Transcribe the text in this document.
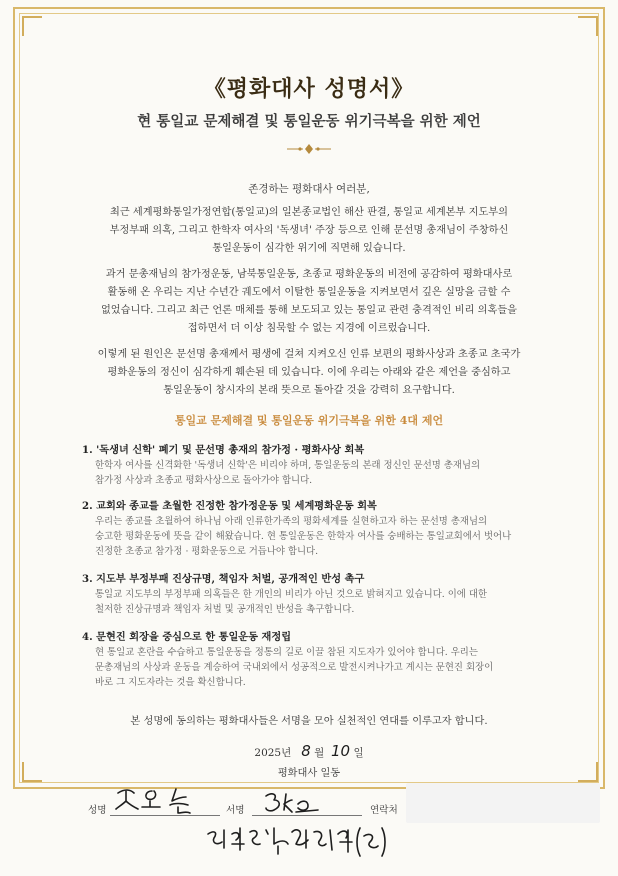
《평화대사 성명서》
현 통일교 문제해결 및 통일운동 위기극복을 위한 제언
존경하는 평화대사 여러분,
최근 세계평화통일가정연합(통일교)의 일본종교법인 해산 판결, 통일교 세계본부 지도부의
부정부패 의혹, 그리고 한학자 여사의 '독생녀' 주장 등으로 인해 문선명 총재님이 주창하신
통일운동이 심각한 위기에 직면해 있습니다.
과거 문총재님의 참가정운동, 남북통일운동, 초종교 평화운동의 비전에 공감하여 평화대사로
활동해 온 우리는 지난 수년간 궤도에서 이탈한 통일운동을 지켜보면서 깊은 실망을 금할 수
없었습니다. 그리고 최근 언론 매체를 통해 보도되고 있는 통일교 관련 충격적인 비리 의혹들을
접하면서 더 이상 침묵할 수 없는 지경에 이르렀습니다.
이렇게 된 원인은 문선명 총재께서 평생에 걸쳐 지켜오신 인류 보편의 평화사상과 초종교 초국가
평화운동의 정신이 심각하게 훼손된 데 있습니다. 이에 우리는 아래와 같은 제언을 중심하고
통일운동이 창시자의 본래 뜻으로 돌아갈 것을 강력히 요구합니다.
통일교 문제해결 및 통일운동 위기극복을 위한 4대 제언
1. '독생녀 신학' 폐기 및 문선명 총재의 참가정 · 평화사상 회복
한학자 여사를 신격화한 '독생녀 신학'은 비리야 하며, 통일운동의 본래 정신인 문선명 총재님의
참가정 사상과 초종교 평화사상으로 돌아가야 합니다.
2. 교회와 종교를 초월한 진정한 참가정운동 및 세계평화운동 회복
우리는 종교를 초월하여 하나님 아래 인류한가족의 평화세계를 실현하고자 하는 문선명 총재님의
숭고한 평화운동에 뜻을 같이 해왔습니다. 현 통일운동은 한학자 여사를 숭배하는 통일교회에서 벗어나
진정한 초종교 참가정 · 평화운동으로 거듭나야 합니다.
3. 지도부 부정부패 진상규명, 책임자 처벌, 공개적인 반성 촉구
통일교 지도부의 부정부패 의혹들은 한 개인의 비리가 아닌 것으로 밝혀지고 있습니다. 이에 대한
철저한 진상규명과 책임자 처벌 및 공개적인 반성을 촉구합니다.
4. 문현진 회장을 중심으로 한 통일운동 재정립
현 통일교 혼란을 수습하고 통일운동을 정통의 길로 이끌 참된 지도자가 있어야 합니다. 우리는
문총재님의 사상과 운동을 계승하여 국내외에서 성공적으로 발전시켜나가고 계시는 문현진 회장이
바로 그 지도자라는 것을 확신합니다.
본 성명에 동의하는 평화대사들은 서명을 모아 실천적인 연대를 이루고자 합니다.
2025년 8 월 10 일
평화대사 일동
성명	서명	연락처
